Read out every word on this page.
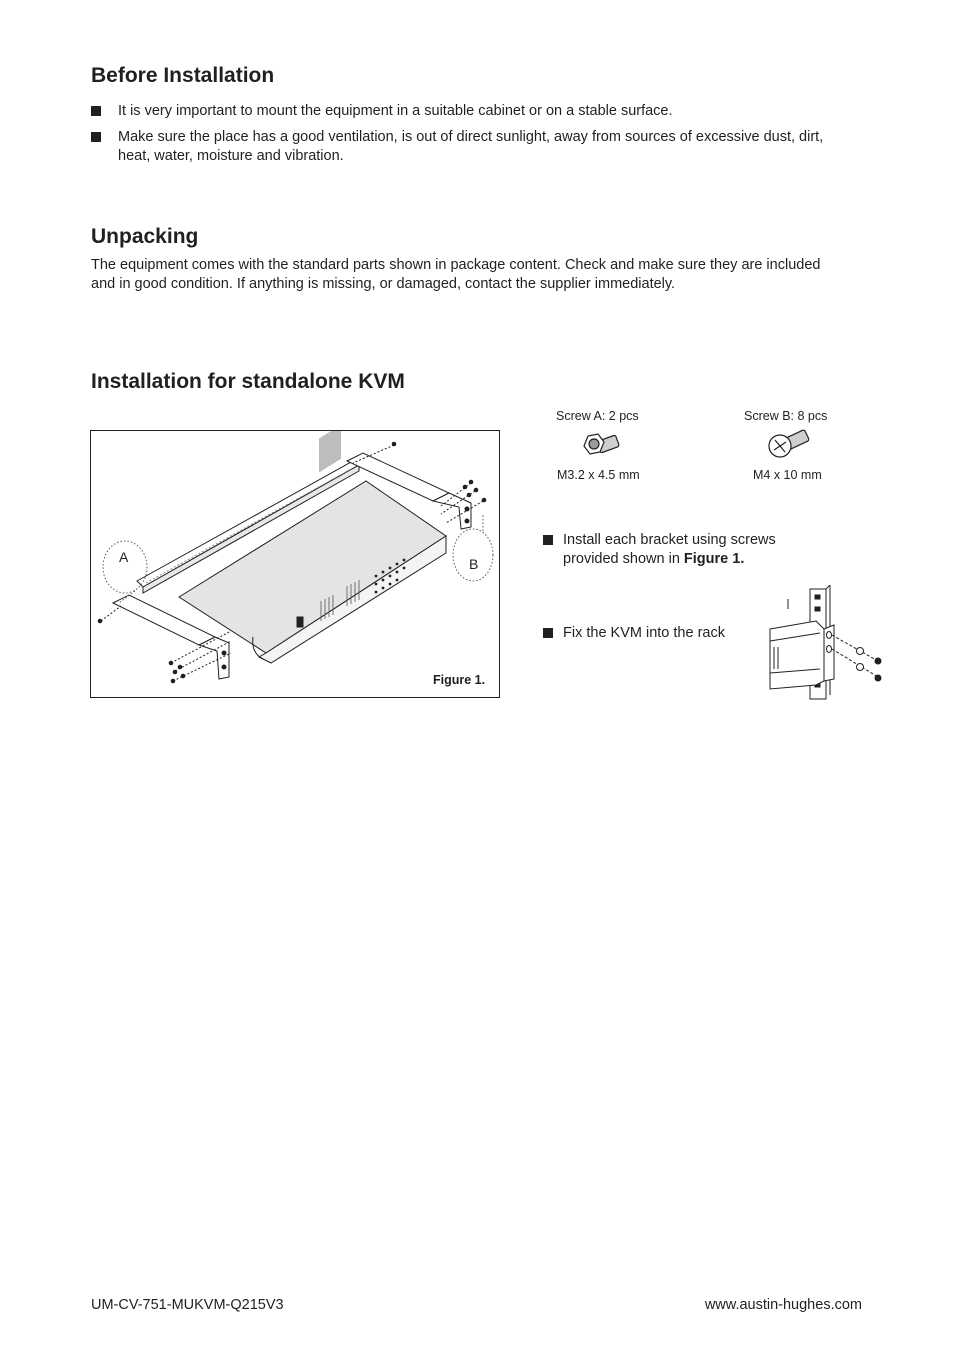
Before Installation
It is very important to mount the equipment in a suitable cabinet or on a stable surface.
Make sure the place has a good ventilation, is out of direct sunlight, away from sources of excessive dust, dirt, heat, water, moisture and vibration.
Unpacking
The equipment comes with the standard parts shown in package content. Check and make sure they are included and in good condition. If anything is missing, or damaged, contact the supplier immediately.
Installation for standalone KVM
A	B
Figure 1.
Screw A: 2 pcs
M3.2 x 4.5 mm
Screw B: 8 pcs
M4 x 10 mm
Install each bracket using screws provided shown in Figure 1.
Fix the KVM into the rack
UM-CV-751-MUKVM-Q215V3	www.austin-hughes.com
